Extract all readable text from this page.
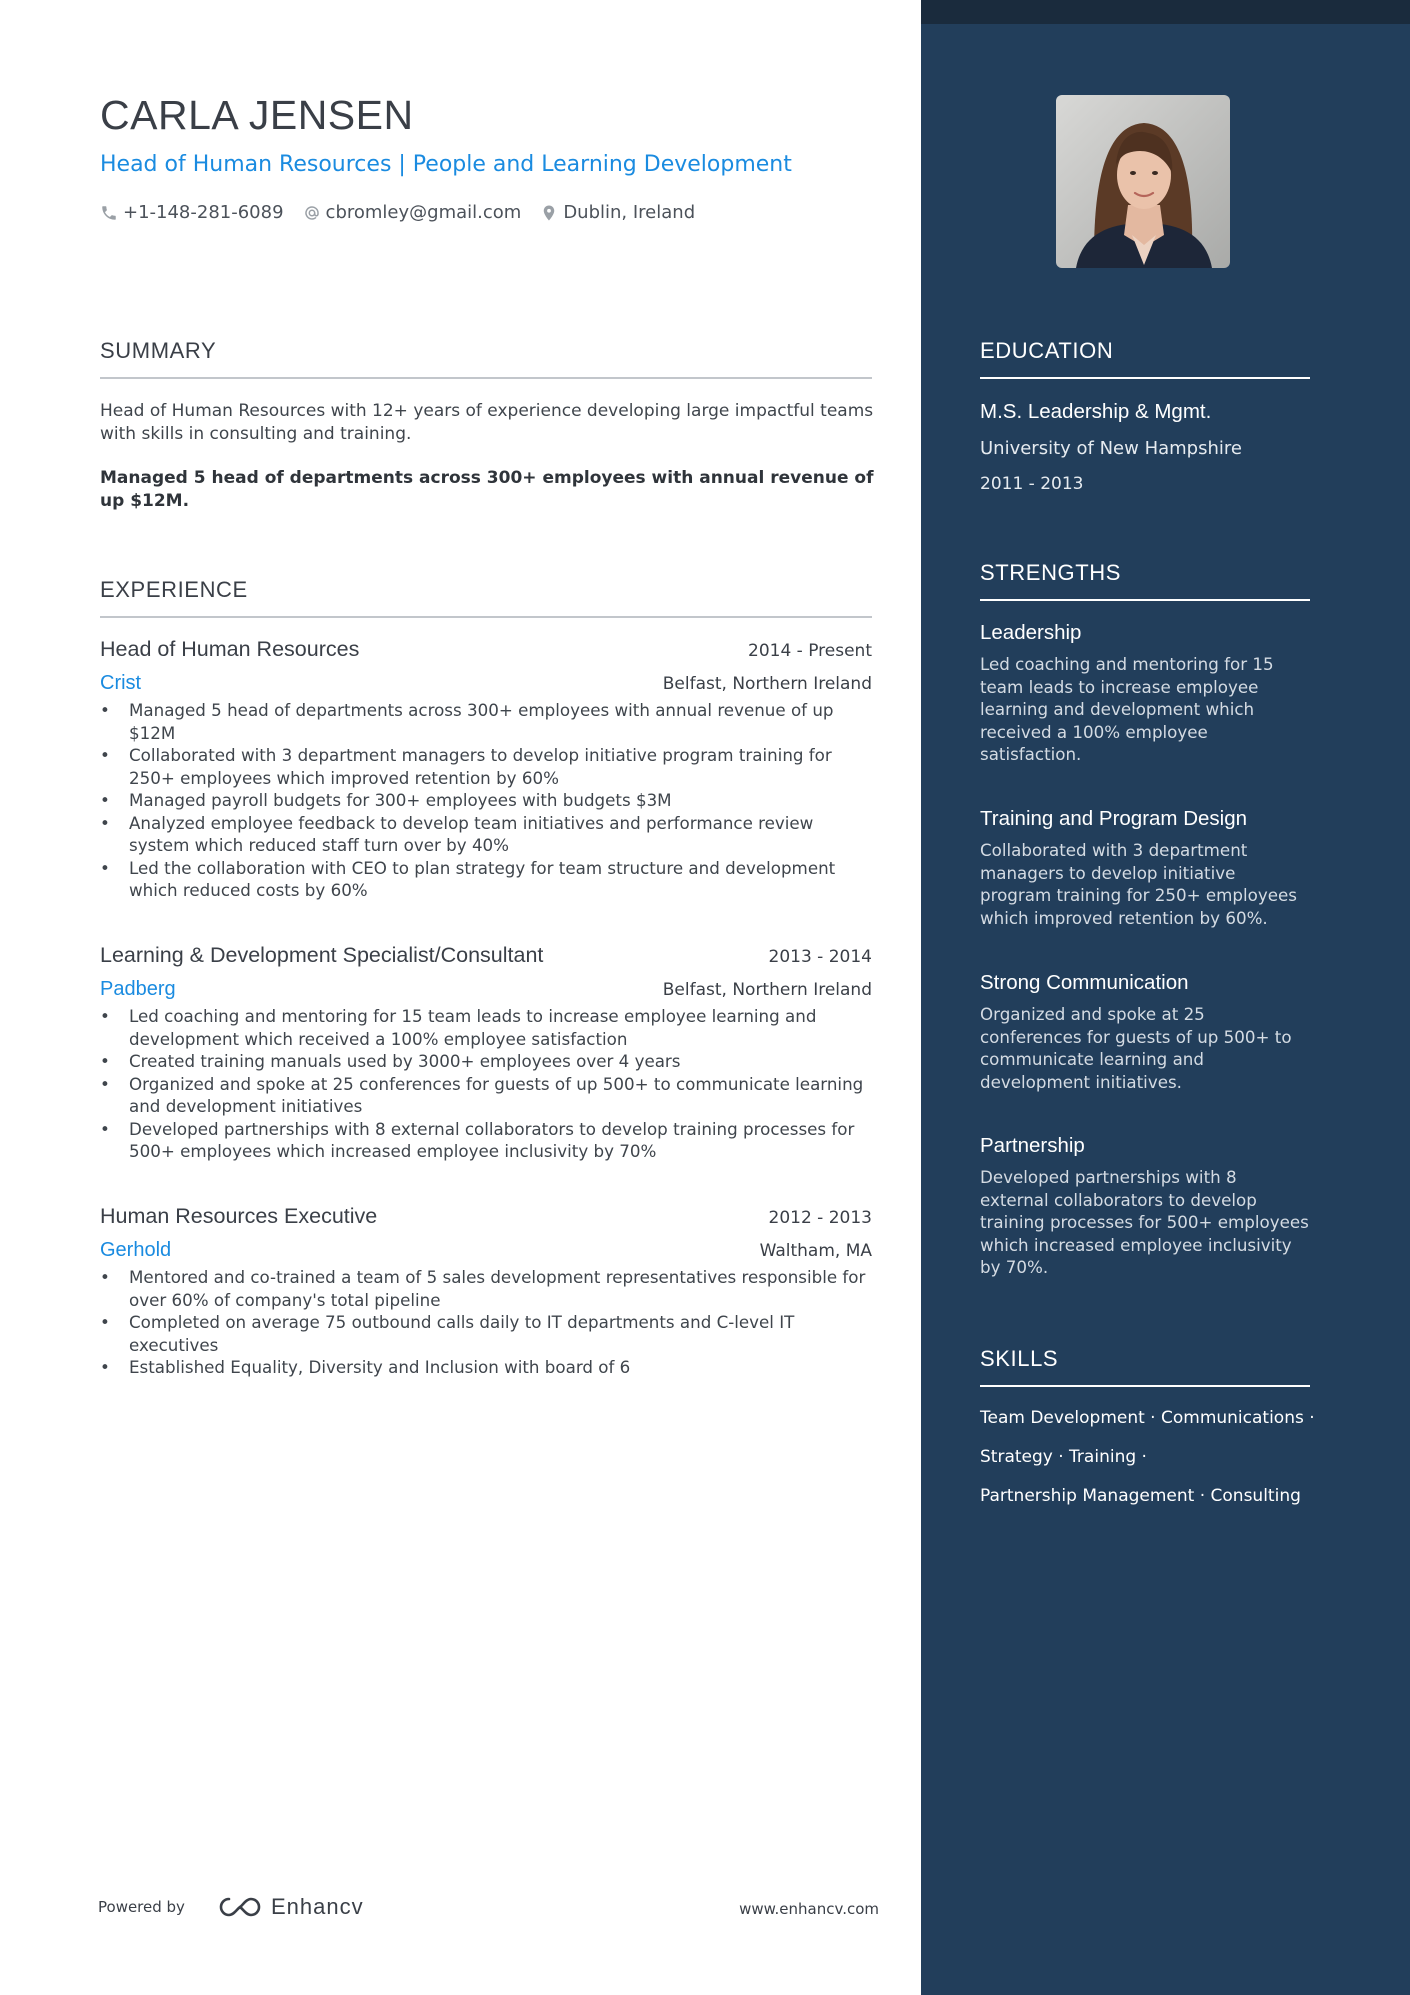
CARLA JENSEN
Head of Human Resources | People and Learning Development
+1-148-281-6089 cbromley@gmail.com Dublin, Ireland
SUMMARY
Head of Human Resources with 12+ years of experience developing large impactful teams with skills in consulting and training.
Managed 5 head of departments across 300+ employees with annual revenue of up $12M.
EXPERIENCE
Head of Human Resources	2014 - Present
Crist	Belfast, Northern Ireland
• Managed 5 head of departments across 300+ employees with annual revenue of up $12M
• Collaborated with 3 department managers to develop initiative program training for 250+ employees which improved retention by 60%
• Managed payroll budgets for 300+ employees with budgets $3M
• Analyzed employee feedback to develop team initiatives and performance review system which reduced staff turn over by 40%
• Led the collaboration with CEO to plan strategy for team structure and development which reduced costs by 60%
Learning & Development Specialist/Consultant	2013 - 2014
Padberg	Belfast, Northern Ireland
• Led coaching and mentoring for 15 team leads to increase employee learning and development which received a 100% employee satisfaction
• Created training manuals used by 3000+ employees over 4 years
• Organized and spoke at 25 conferences for guests of up 500+ to communicate learning and development initiatives
• Developed partnerships with 8 external collaborators to develop training processes for 500+ employees which increased employee inclusivity by 70%
Human Resources Executive	2012 - 2013
Gerhold	Waltham, MA
• Mentored and co-trained a team of 5 sales development representatives responsible for over 60% of company's total pipeline
• Completed on average 75 outbound calls daily to IT departments and C-level IT executives
• Established Equality, Diversity and Inclusion with board of 6
Powered by	Enhancv	www.enhancv.com
EDUCATION
M.S. Leadership & Mgmt.
University of New Hampshire
2011 - 2013
STRENGTHS
Leadership
Led coaching and mentoring for 15 team leads to increase employee learning and development which received a 100% employee satisfaction.
Training and Program Design
Collaborated with 3 department managers to develop initiative program training for 250+ employees which improved retention by 60%.
Strong Communication
Organized and spoke at 25 conferences for guests of up 500+ to communicate learning and development initiatives.
Partnership
Developed partnerships with 8 external collaborators to develop training processes for 500+ employees which increased employee inclusivity by 70%.
SKILLS
Team Development · Communications ·
Strategy · Training ·
Partnership Management · Consulting
